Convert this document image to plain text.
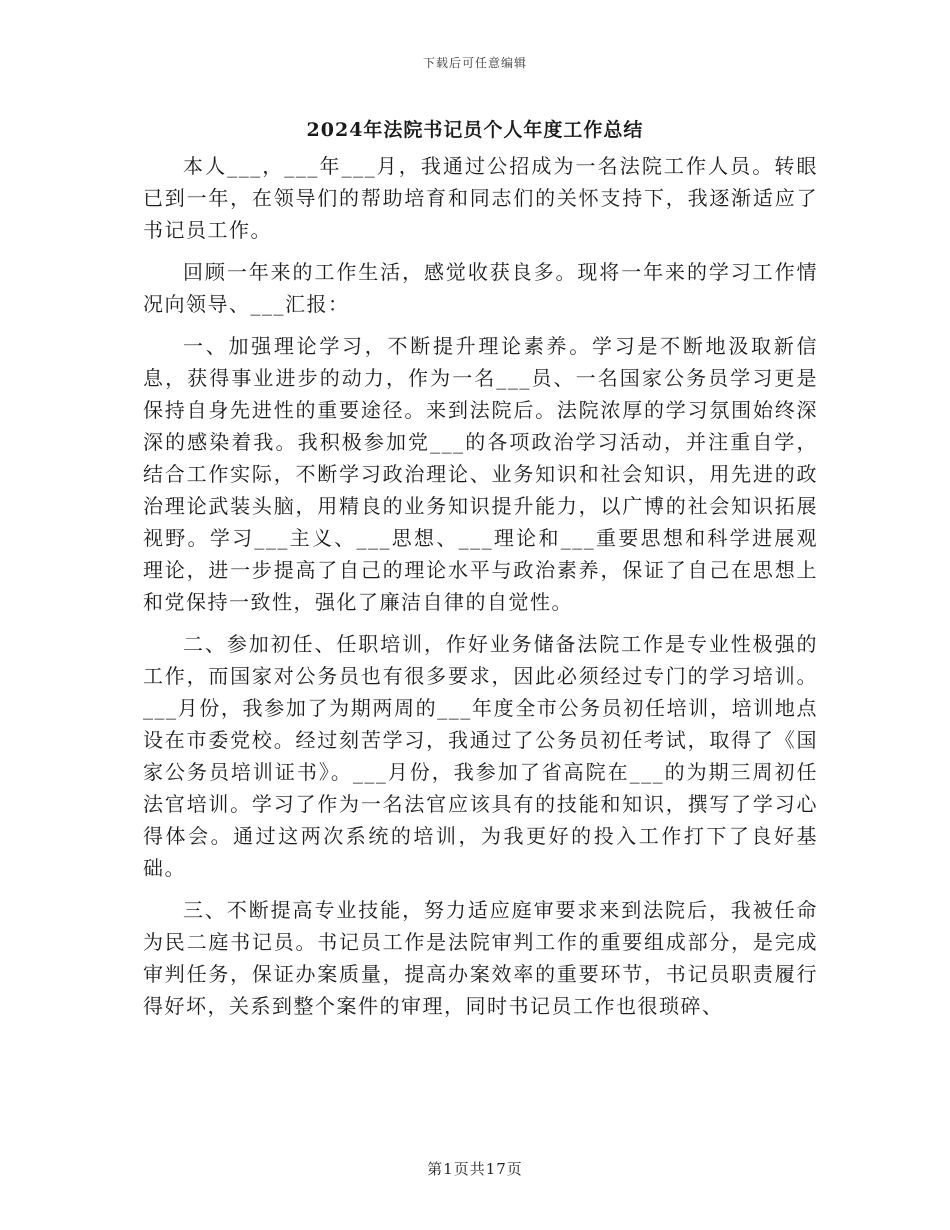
下载后可任意编辑
2024年法院书记员个人年度工作总结

本人___，___年___月，我通过公招成为一名法院工作人员。转眼已到一年，在领导们的帮助培育和同志们的关怀支持下，我逐渐适应了书记员工作。

回顾一年来的工作生活，感觉收获良多。现将一年来的学习工作情况向领导、___汇报：

一、加强理论学习，不断提升理论素养。学习是不断地汲取新信息，获得事业进步的动力，作为一名___员、一名国家公务员学习更是保持自身先进性的重要途径。来到法院后。法院浓厚的学习氛围始终深深的感染着我。我积极参加党___的各项政治学习活动，并注重自学，结合工作实际，不断学习政治理论、业务知识和社会知识，用先进的政治理论武装头脑，用精良的业务知识提升能力，以广博的社会知识拓展视野。学习___主义、___思想、___理论和___重要思想和科学进展观理论，进一步提高了自己的理论水平与政治素养，保证了自己在思想上和党保持一致性，强化了廉洁自律的自觉性。

二、参加初任、任职培训，作好业务储备法院工作是专业性极强的工作，而国家对公务员也有很多要求，因此必须经过专门的学习培训。___月份，我参加了为期两周的___年度全市公务员初任培训，培训地点设在市委党校。经过刻苦学习，我通过了公务员初任考试，取得了《国家公务员培训证书》。___月份，我参加了省高院在___的为期三周初任法官培训。学习了作为一名法官应该具有的技能和知识，撰写了学习心得体会。通过这两次系统的培训，为我更好的投入工作打下了良好基础。

三、不断提高专业技能，努力适应庭审要求来到法院后，我被任命为民二庭书记员。书记员工作是法院审判工作的重要组成部分，是完成审判任务，保证办案质量，提高办案效率的重要环节，书记员职责履行得好坏，关系到整个案件的审理，同时书记员工作也很琐碎、

第1页共17页
